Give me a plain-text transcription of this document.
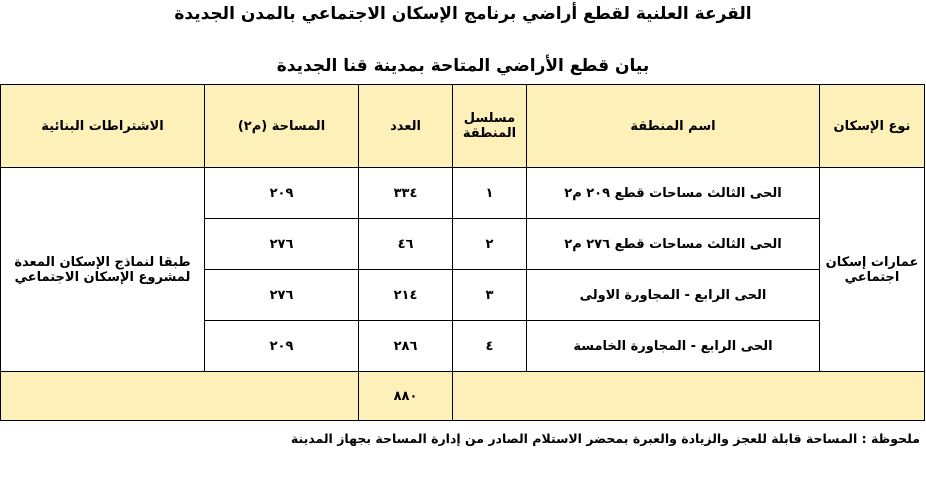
القرعة العلنية لقطع أراضي برنامج الإسكان الاجتماعي بالمدن الجديدة
بيان قطع الأراضي المتاحة بمدينة قنا الجديدة
نوع الإسكان	اسم المنطقة	مسلسل المنطقة	العدد	المساحة (م٢)	الاشتراطات البنائية
عمارات إسكان اجتماعي	الحى الثالث مساحات قطع ٢٠٩ م٢	١	٣٣٤	٢٠٩	طبقا لنماذج الإسكان المعدة لمشروع الإسكان الاجتماعي
	الحى الثالث مساحات قطع ٢٧٦ م٢	٢	٤٦	٢٧٦	
	الحى الرابع - المجاورة الاولى	٣	٢١٤	٢٧٦	
	الحى الرابع - المجاورة الخامسة	٤	٢٨٦	٢٠٩	
			٨٨٠		
ملحوظة : المساحة قابلة للعجز والزيادة والعبرة بمحضر الاستلام الصادر من إدارة المساحة بجهاز المدينة
